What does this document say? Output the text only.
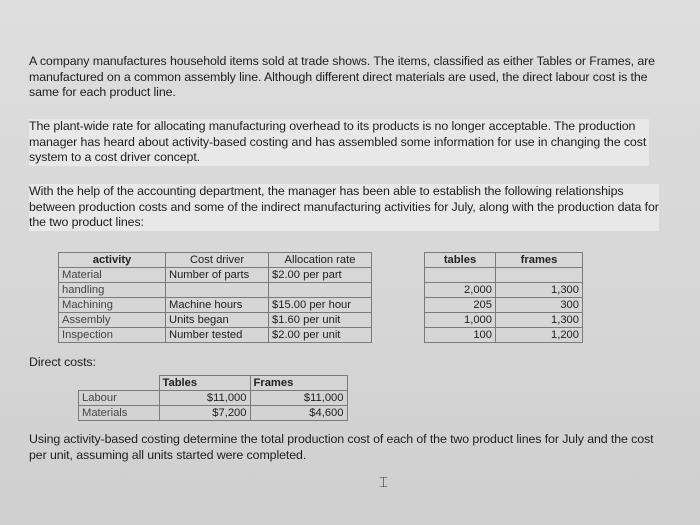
A company manufactures household items sold at trade shows. The items, classified as either Tables or Frames, are manufactured on a common assembly line. Although different direct materials are used, the direct labour cost is the same for each product line.

The plant-wide rate for allocating manufacturing overhead to its products is no longer acceptable. The production manager has heard about activity-based costing and has assembled some information for use in changing the cost system to a cost driver concept.

With the help of the accounting department, the manager has been able to establish the following relationships between production costs and some of the indirect manufacturing activities for July, along with the production data for the two product lines:

activity	Cost driver	Allocation rate		tables	frames
Material	Number of parts	$2.00 per part			
handling				2,000	1,300
Machining	Machine hours	$15.00 per hour		205	300
Assembly	Units began	$1.60 per unit		1,000	1,300
Inspection	Number tested	$2.00 per unit		100	1,200
Direct costs:
	Tables	Frames
Labour	$11,000	$11,000
Materials	$7,200	$4,600

Using activity-based costing determine the total production cost of each of the two product lines for July and the cost per unit, assuming all units started were completed.

⌶
